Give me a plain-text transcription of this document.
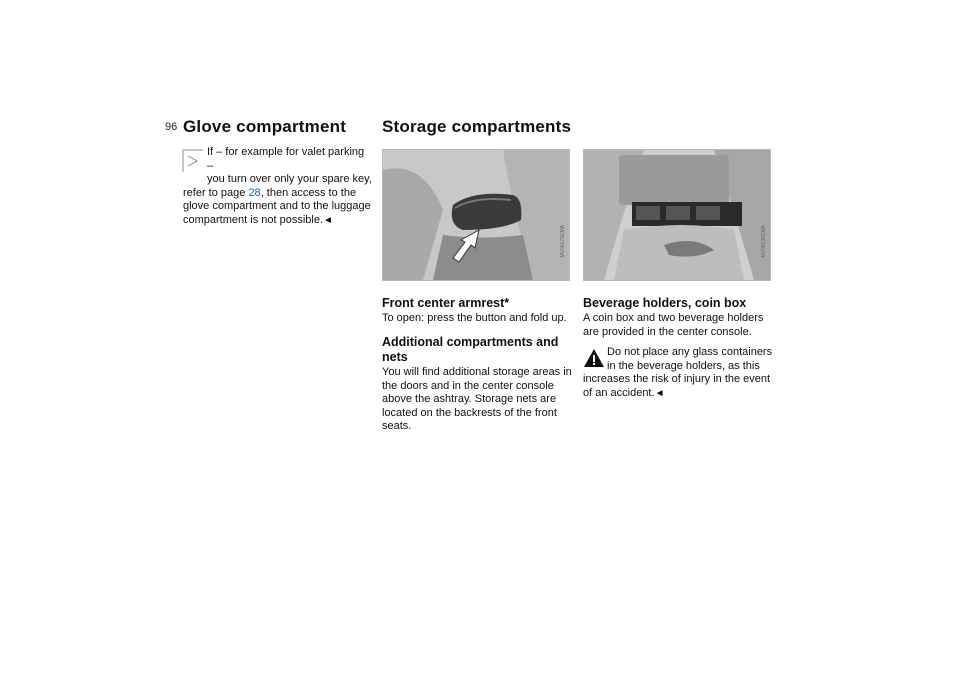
96 Glove compartment

If – for example for valet parking –

you turn over only your spare key,

refer to page 28, then access to the

glove compartment and to the luggage

compartment is not possible.◄

Storage compartments
MV06170CMA	MV05135CMA
Front center armrest*

To open: press the button and fold up.

Additional compartments and
nets

You will find additional storage areas in

the doors and in the center console

above the ashtray. Storage nets are

located on the backrests of the front

seats.

Beverage holders, coin box

A coin box and two beverage holders

are provided in the center console.

Do not place any glass containers

in the beverage holders, as this

increases the risk of injury in the event

of an accident.◄
